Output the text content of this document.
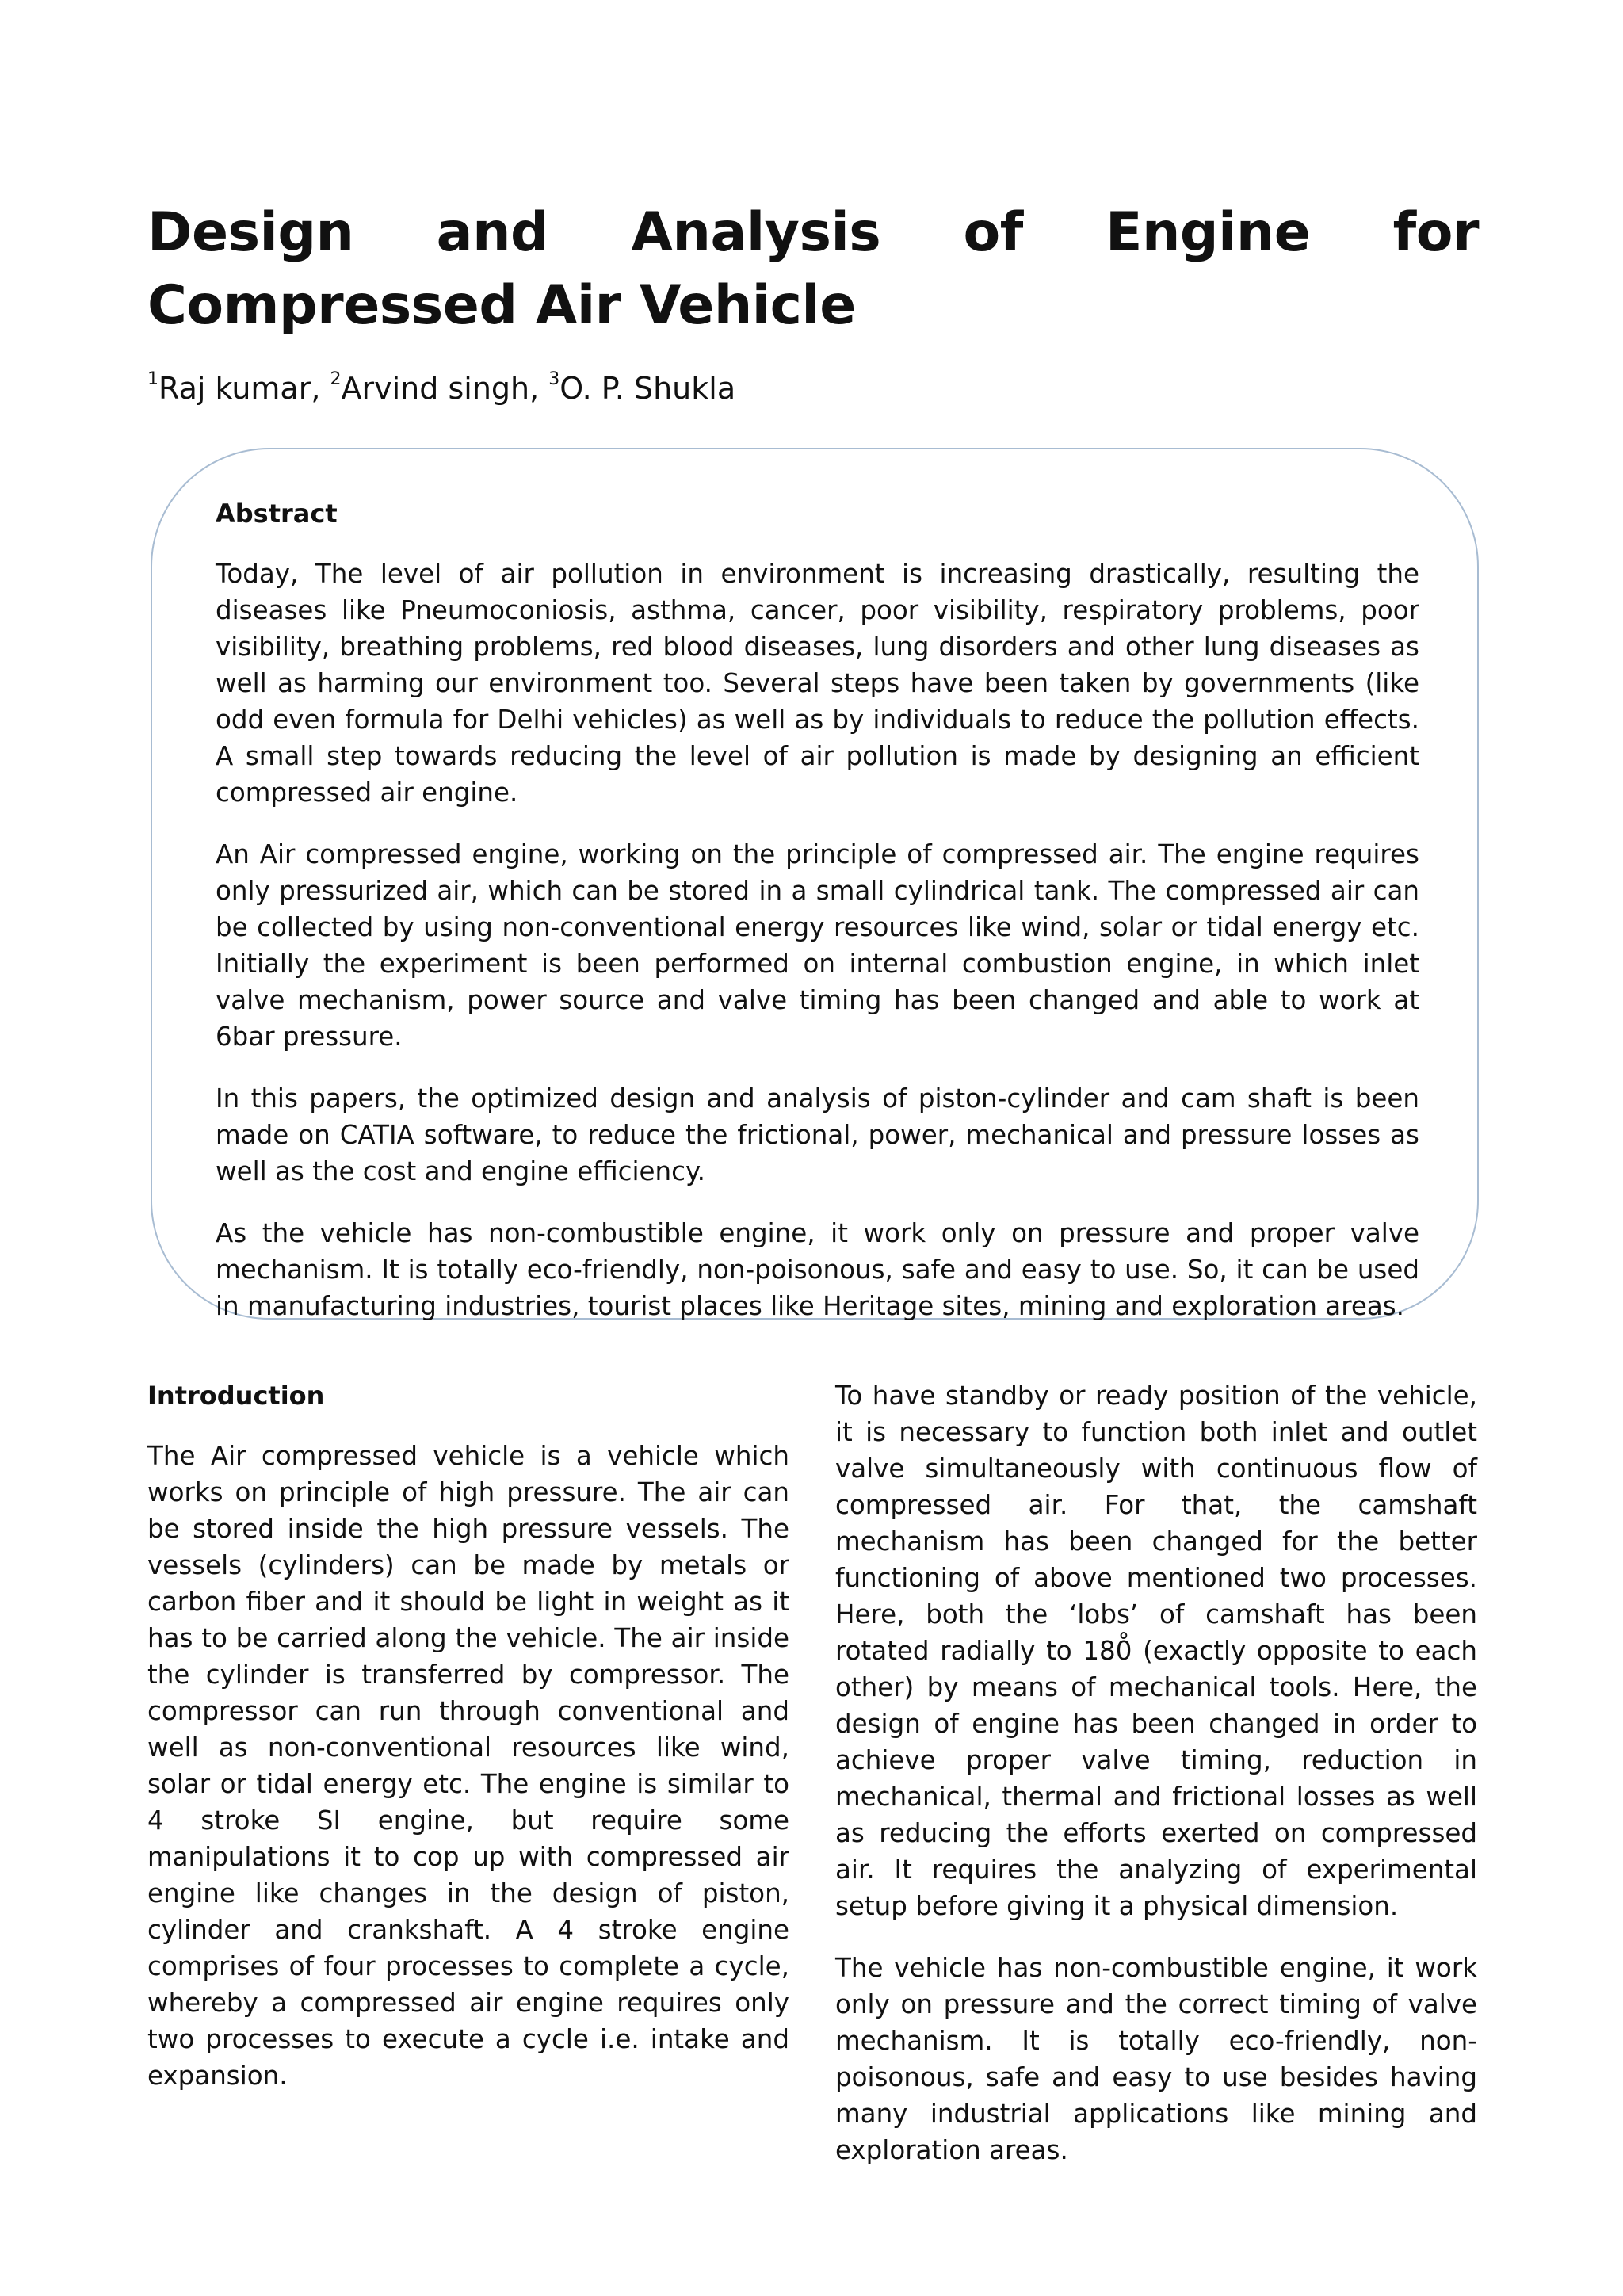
Design and Analysis of Engine for Compressed Air Vehicle

$^1$Raj kumar, $^2$Arvind singh, $^3$O. P. Shukla

Abstract

Today, The level of air pollution in environment is increasing drastically, resulting the diseases like Pneumoconiosis, asthma, cancer, poor visibility, respiratory problems, poor visibility, breathing problems, red blood diseases, lung disorders and other lung diseases as well as harming our environment too. Several steps have been taken by governments (like odd even formula for Delhi vehicles) as well as by individuals to reduce the pollution effects. A small step towards reducing the level of air pollution is made by designing an efficient compressed air engine.

An Air compressed engine, working on the principle of compressed air. The engine requires only pressurized air, which can be stored in a small cylindrical tank. The compressed air can be collected by using non-conventional energy resources like wind, solar or tidal energy etc. Initially the experiment is been performed on internal combustion engine, in which inlet valve mechanism, power source and valve timing has been changed and able to work at 6bar pressure.

In this papers, the optimized design and analysis of piston-cylinder and cam shaft is been made on CATIA software, to reduce the frictional, power, mechanical and pressure losses as well as the cost and engine efficiency.

As the vehicle has non-combustible engine, it work only on pressure and proper valve mechanism. It is totally eco-friendly, non-poisonous, safe and easy to use. So, it can be used in manufacturing industries, tourist places like Heritage sites, mining and exploration areas.

Introduction

The Air compressed vehicle is a vehicle which works on principle of high pressure. The air can be stored inside the high pressure vessels. The vessels (cylinders) can be made by metals or carbon fiber and it should be light in weight as it has to be carried along the vehicle. The air inside the cylinder is transferred by compressor. The compressor can run through conventional and well as non-conventional resources like wind, solar or tidal energy etc. The engine is similar to 4 stroke SI engine, but require some manipulations it to cop up with compressed air engine like changes in the design of piston, cylinder and crankshaft. A 4 stroke engine comprises of four processes to complete a cycle, whereby a compressed air engine requires only two processes to execute a cycle i.e. intake and expansion.

To have standby or ready position of the vehicle, it is necessary to function both inlet and outlet valve simultaneously with continuous flow of compressed air. For that, the camshaft mechanism has been changed for the better functioning of above mentioned two processes. Here, both the ‘lobs’ of camshaft has been rotated radially to 180̊ (exactly opposite to each other) by means of mechanical tools. Here, the design of engine has been changed in order to achieve proper valve timing, reduction in mechanical, thermal and frictional losses as well as reducing the efforts exerted on compressed air. It requires the analyzing of experimental setup before giving it a physical dimension.

The vehicle has non-combustible engine, it work only on pressure and the correct timing of valve mechanism. It is totally eco-friendly, non-poisonous, safe and easy to use besides having many industrial applications like mining and exploration areas.
